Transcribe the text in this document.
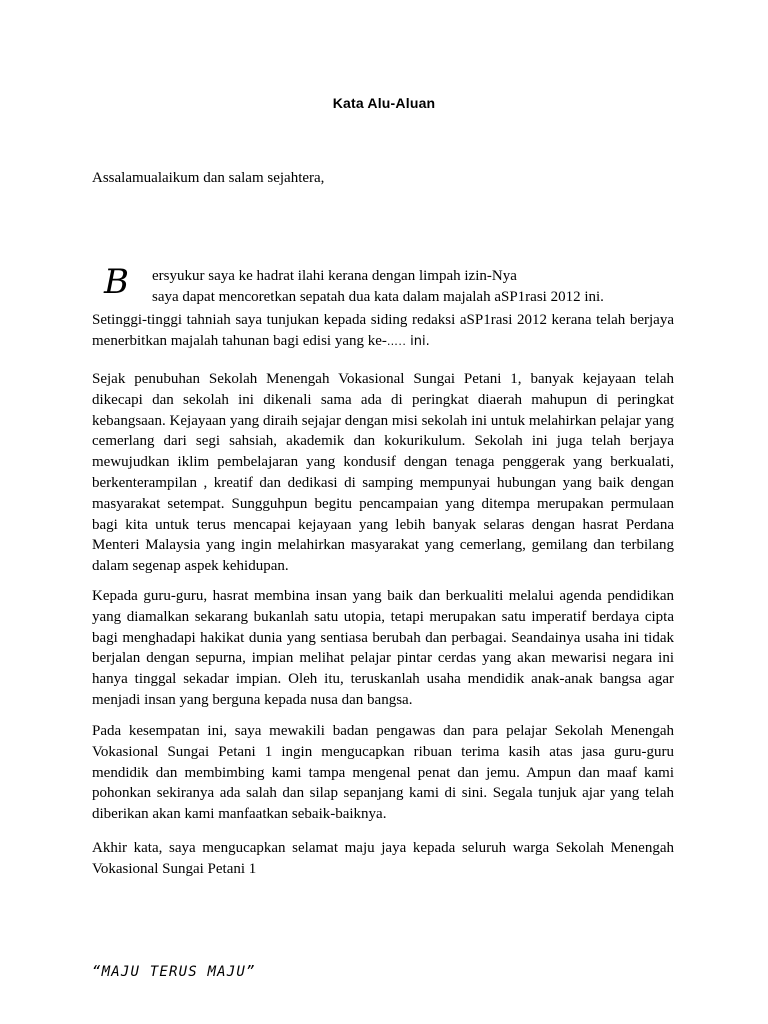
Kata Alu-Aluan
Assalamualaikum dan salam sejahtera,
B ersyukur saya ke hadrat ilahi kerana dengan limpah izin-Nya
saya dapat mencoretkan sepatah dua kata dalam majalah aSP1rasi 2012 ini.
Setinggi-tinggi tahniah saya tunjukan kepada siding redaksi aSP1rasi 2012 kerana telah berjaya menerbitkan majalah tahunan bagi edisi yang ke-….. ini.
Sejak penubuhan Sekolah Menengah Vokasional Sungai Petani 1, banyak kejayaan telah dikecapi dan sekolah ini dikenali sama ada di peringkat diaerah mahupun di peringkat kebangsaan. Kejayaan yang diraih sejajar dengan misi sekolah ini untuk melahirkan pelajar yang cemerlang dari segi sahsiah, akademik dan kokurikulum. Sekolah ini juga telah berjaya mewujudkan iklim pembelajaran yang kondusif dengan tenaga penggerak yang berkualati, berkenterampilan , kreatif dan dedikasi di samping mempunyai hubungan yang baik dengan masyarakat setempat. Sungguhpun begitu pencampaian yang ditempa merupakan permulaan bagi kita untuk terus mencapai kejayaan yang lebih banyak selaras dengan hasrat Perdana Menteri Malaysia yang ingin melahirkan masyarakat yang cemerlang, gemilang dan terbilang dalam segenap aspek kehidupan.
Kepada guru-guru, hasrat membina insan yang baik dan berkualiti melalui agenda pendidikan yang diamalkan sekarang bukanlah satu utopia, tetapi merupakan satu imperatif berdaya cipta bagi menghadapi hakikat dunia yang sentiasa berubah dan perbagai. Seandainya usaha ini tidak berjalan dengan sepurna, impian melihat pelajar pintar cerdas yang akan mewarisi negara ini hanya tinggal sekadar impian. Oleh itu, teruskanlah usaha mendidik anak-anak bangsa agar menjadi insan yang berguna kepada nusa dan bangsa.
Pada kesempatan ini, saya mewakili badan pengawas dan para pelajar Sekolah Menengah Vokasional Sungai Petani 1 ingin mengucapkan ribuan terima kasih atas jasa guru-guru mendidik dan membimbing kami tampa mengenal penat dan jemu. Ampun dan maaf kami pohonkan sekiranya ada salah dan silap sepanjang kami di sini. Segala tunjuk ajar yang telah diberikan akan kami manfaatkan sebaik-baiknya.
Akhir kata, saya mengucapkan selamat maju jaya kepada seluruh warga Sekolah Menengah Vokasional Sungai Petani 1
“MAJU TERUS MAJU”
